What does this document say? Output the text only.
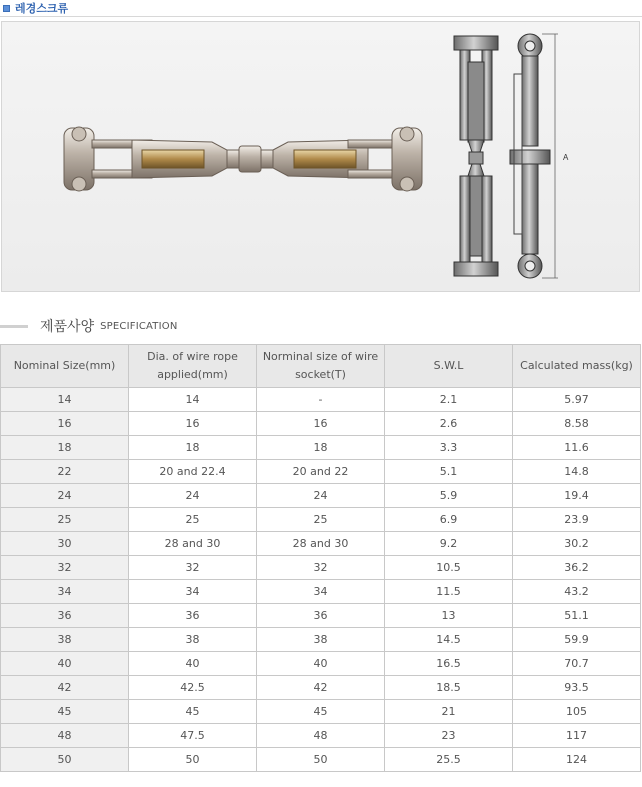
레경스크류
A
제품사양 SPECIFICATION
Nominal Size(mm)	Dia. of wire rope applied(mm)	Norminal size of wire socket(T)	S.W.L	Calculated mass(kg)
14	14	-	2.1	5.97
16	16	16	2.6	8.58
18	18	18	3.3	11.6
22	20 and 22.4	20 and 22	5.1	14.8
24	24	24	5.9	19.4
25	25	25	6.9	23.9
30	28 and 30	28 and 30	9.2	30.2
32	32	32	10.5	36.2
34	34	34	11.5	43.2
36	36	36	13	51.1
38	38	38	14.5	59.9
40	40	40	16.5	70.7
42	42.5	42	18.5	93.5
45	45	45	21	105
48	47.5	48	23	117
50	50	50	25.5	124
